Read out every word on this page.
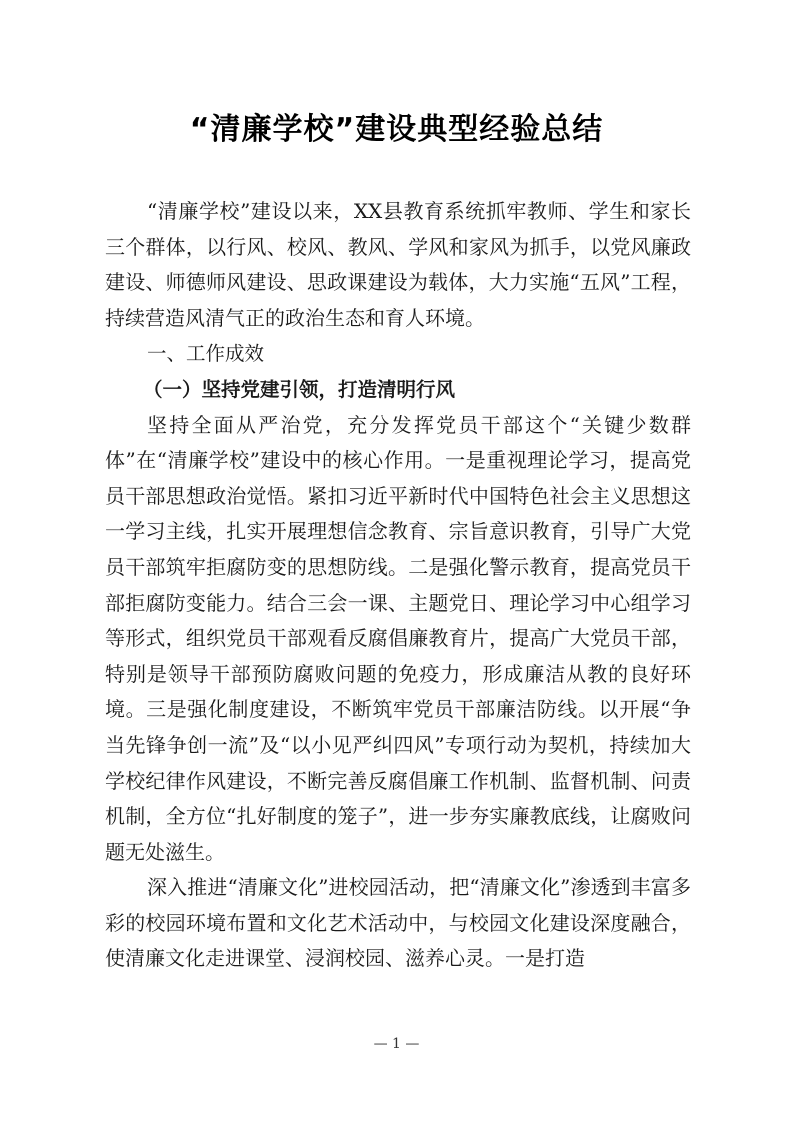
“清廉学校”建设典型经验总结

“清廉学校”建设以来，XX县教育系统抓牢教师、学生和家长三个群体，以行风、校风、教风、学风和家风为抓手，以党风廉政建设、师德师风建设、思政课建设为载体，大力实施“五风”工程，持续营造风清气正的政治生态和育人环境。

一、工作成效

（一）坚持党建引领，打造清明行风

坚持全面从严治党，充分发挥党员干部这个“关键少数群体”在“清廉学校”建设中的核心作用。一是重视理论学习，提高党员干部思想政治觉悟。紧扣习近平新时代中国特色社会主义思想这一学习主线，扎实开展理想信念教育、宗旨意识教育，引导广大党员干部筑牢拒腐防变的思想防线。二是强化警示教育，提高党员干部拒腐防变能力。结合三会一课、主题党日、理论学习中心组学习等形式，组织党员干部观看反腐倡廉教育片，提高广大党员干部，特别是领导干部预防腐败问题的免疫力，形成廉洁从教的良好环境。三是强化制度建设，不断筑牢党员干部廉洁防线。以开展“争当先锋争创一流”及“以小见严纠四风”专项行动为契机，持续加大学校纪律作风建设，不断完善反腐倡廉工作机制、监督机制、问责机制，全方位“扎好制度的笼子”，进一步夯实廉教底线，让腐败问题无处滋生。

深入推进“清廉文化”进校园活动，把“清廉文化”渗透到丰富多彩的校园环境布置和文化艺术活动中，与校园文化建设深度融合，使清廉文化走进课堂、浸润校园、滋养心灵。一是打造

— 1 —
